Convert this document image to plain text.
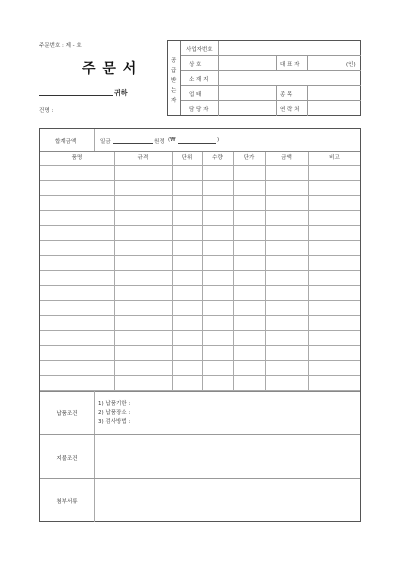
주문번호 : 제 - 호
주 문 서
귀하
건명 :
공
급
받
는
자
사업자번호
상 호	대 표 자	(인)
소 재 지
업 태	종 목
담 당 자	연 락 처
합계금액	일금	원정 (₩	)
품명	규격	단위	수량	단가	금액	비고
납품조건
1) 납품기한 :
2) 납품장소 :
3) 검사방법 :
지불조건
첨부서류
